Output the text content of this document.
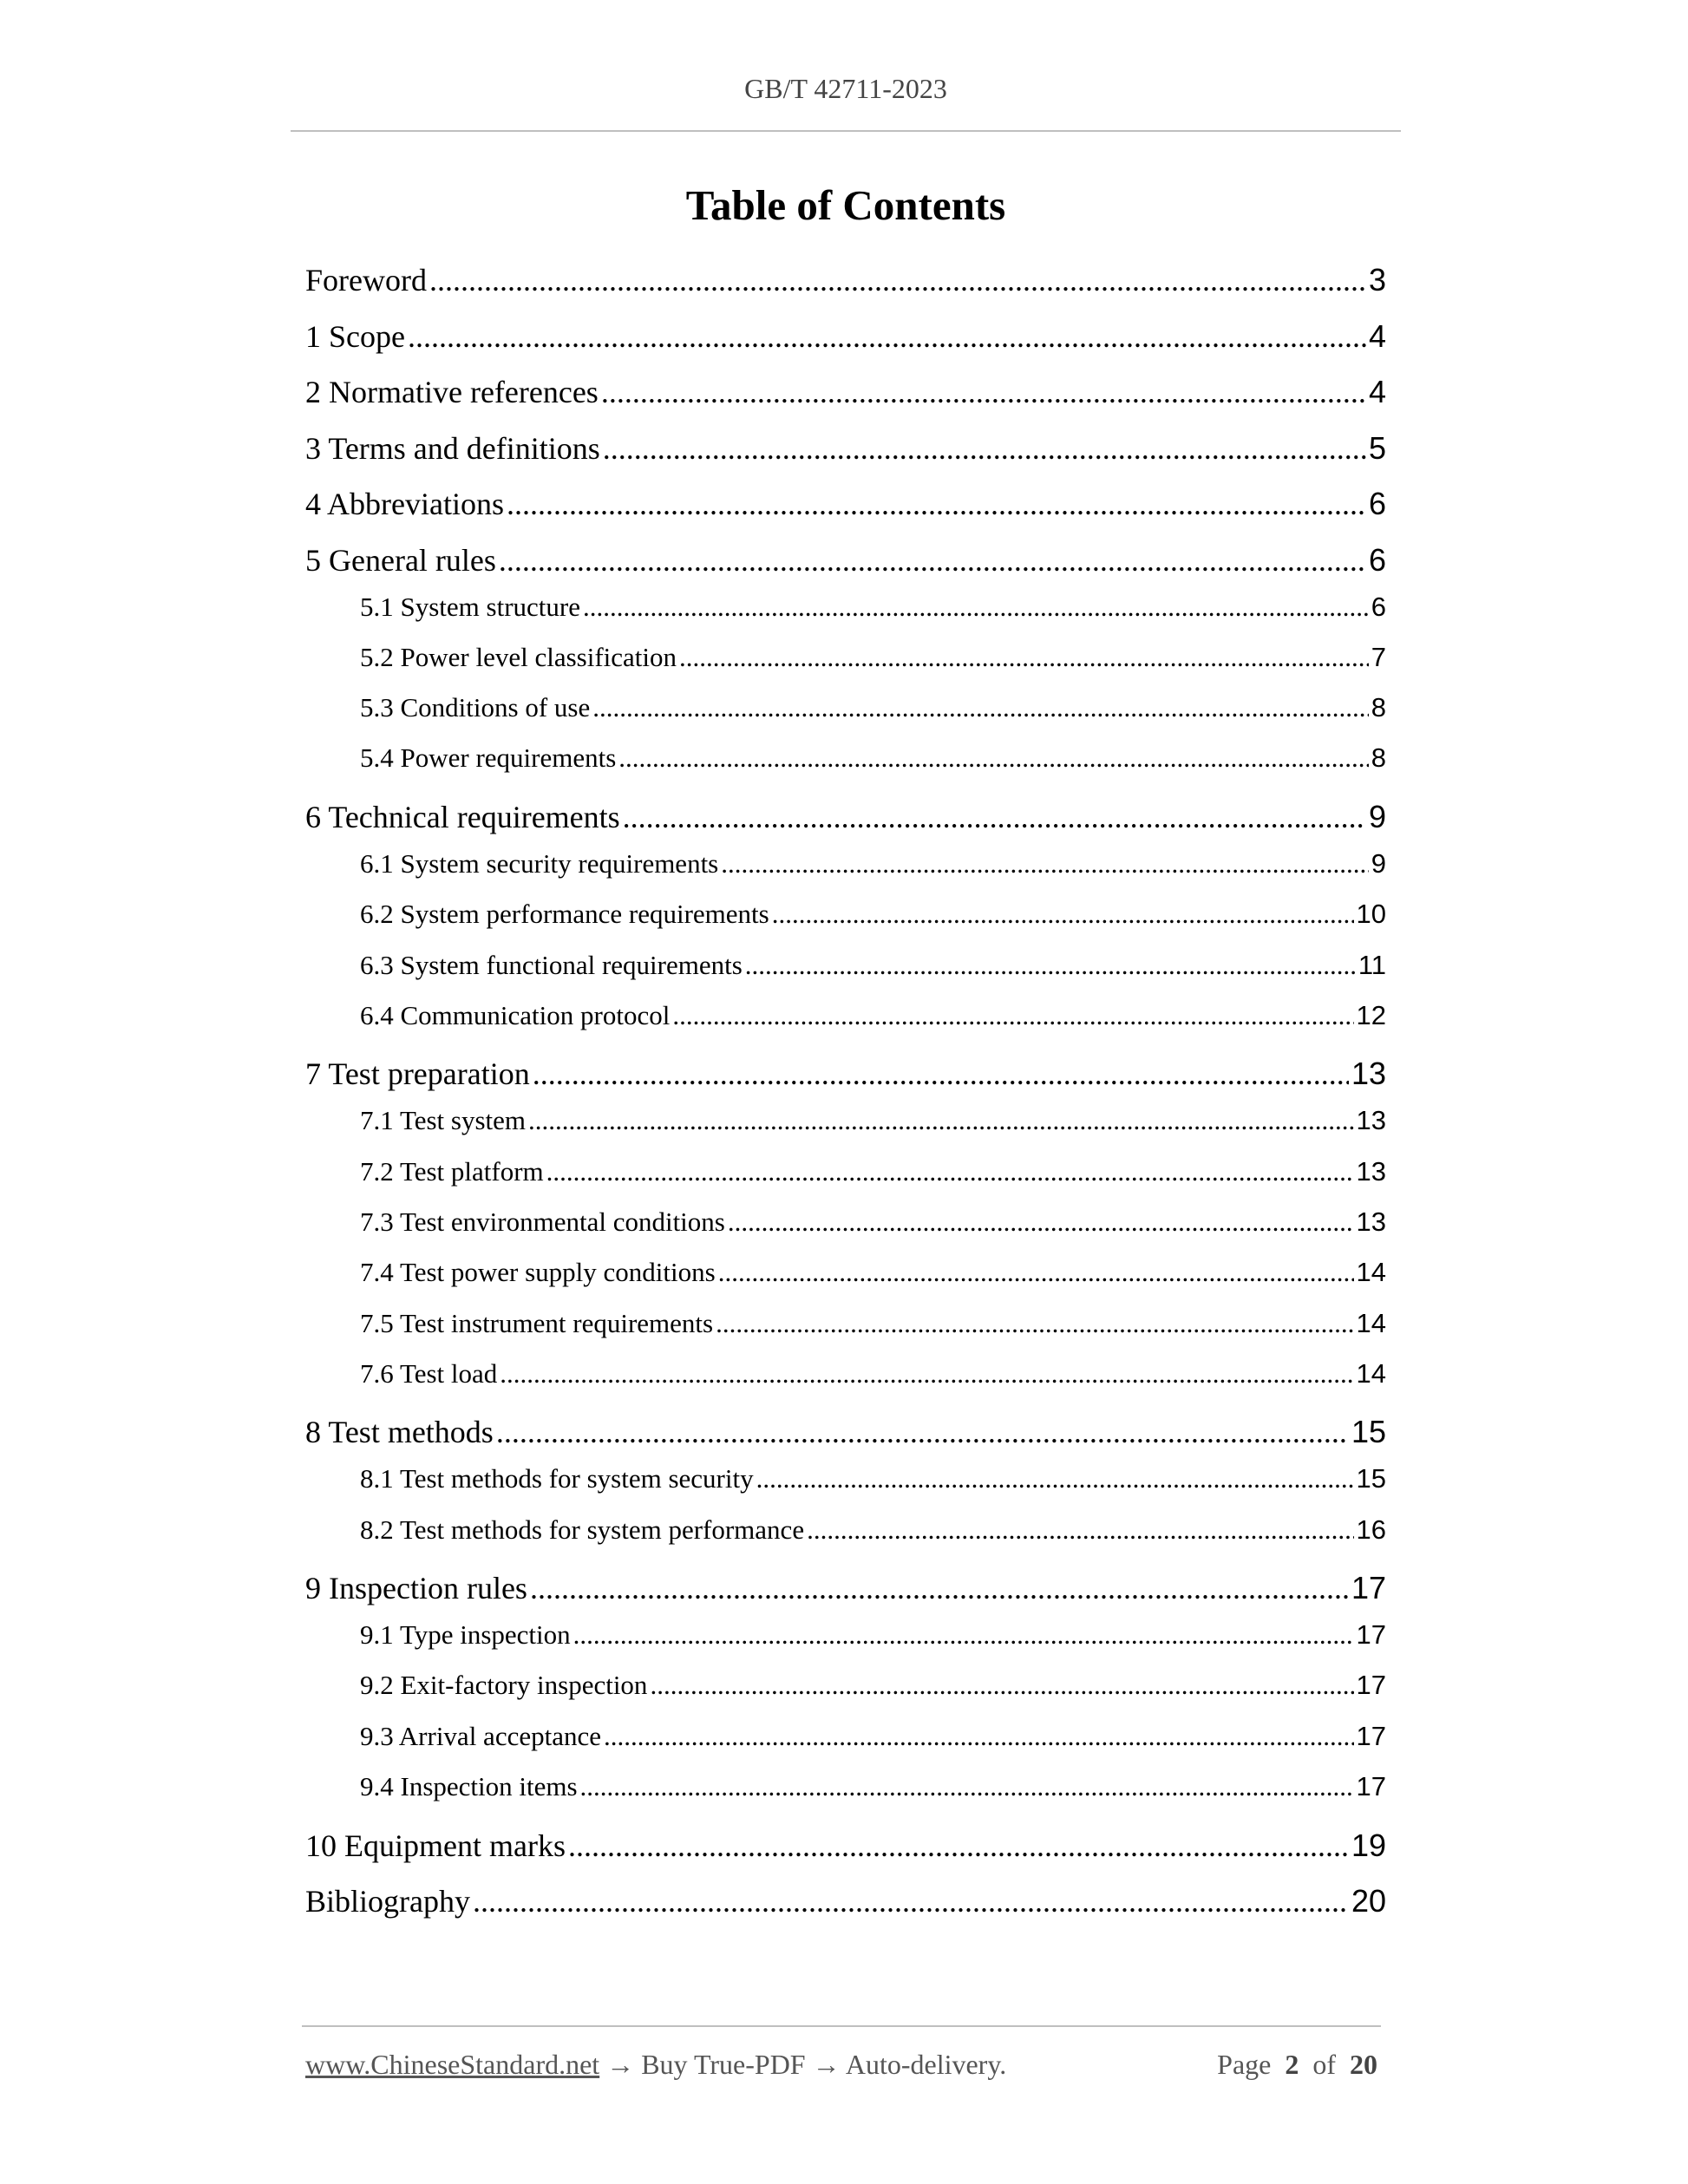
GB/T 42711-2023
Table of Contents
Foreword .....	3
1 Scope .....	4
2 Normative references .....	4
3 Terms and definitions .....	5
4 Abbreviations .....	6
5 General rules .....	6
5.1 System structure .....	6
5.2 Power level classification .....	7
5.3 Conditions of use .....	8
5.4 Power requirements .....	8
6 Technical requirements .....	9
6.1 System security requirements .....	9
6.2 System performance requirements .....	10
6.3 System functional requirements .....	11
6.4 Communication protocol .....	12
7 Test preparation .....	13
7.1 Test system .....	13
7.2 Test platform .....	13
7.3 Test environmental conditions .....	13
7.4 Test power supply conditions .....	14
7.5 Test instrument requirements .....	14
7.6 Test load .....	14
8 Test methods .....	15
8.1 Test methods for system security .....	15
8.2 Test methods for system performance .....	16
9 Inspection rules .....	17
9.1 Type inspection .....	17
9.2 Exit-factory inspection .....	17
9.3 Arrival acceptance .....	17
9.4 Inspection items .....	17
10 Equipment marks .....	19
Bibliography .....	20
www.ChineseStandard.net → Buy True-PDF → Auto-delivery.	Page 2 of 20
